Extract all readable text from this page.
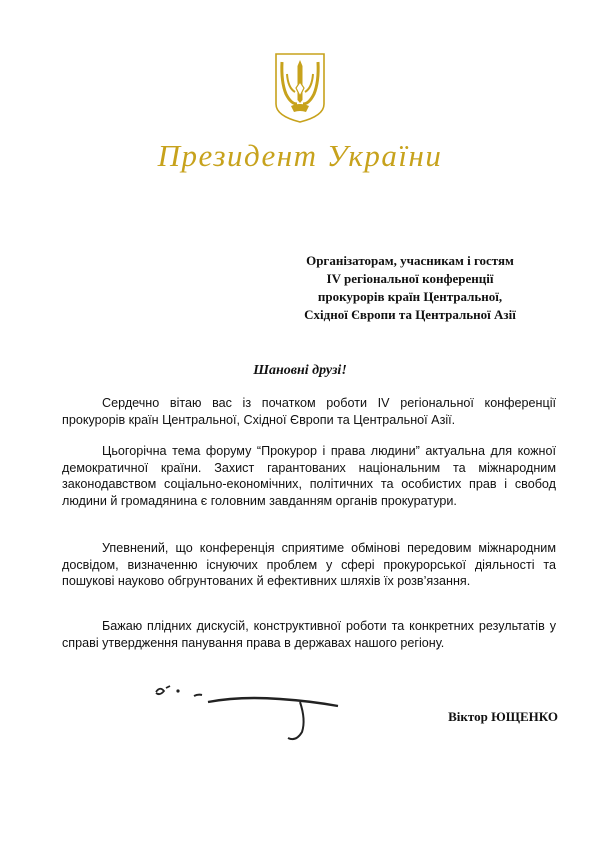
Президент України
Організаторам, учасникам і гостям
IV регіональної конференції
прокурорів країн Центральної,
Східної Європи та Центральної Азії
Шановні друзі!

Сердечно вітаю вас із початком роботи IV регіональної конференції прокурорів країн Центральної, Східної Європи та Центральної Азії.

Цьогорічна тема форуму “Прокурор і права людини” актуальна для кожної демократичної країни. Захист гарантованих національним та міжнародним законодавством соціально-економічних, політичних та особистих прав і свобод людини й громадянина є головним завданням органів прокуратури.

Упевнений, що конференція сприятиме обмінові передовим міжнародним досвідом, визначенню існуючих проблем у сфері прокурорської діяльності та пошукові науково обгрунтованих й ефективних шляхів їх розв’язання.

Бажаю плідних дискусій, конструктивної роботи та конкретних результатів у справі утвердження панування права в державах нашого регіону.

Віктор ЮЩЕНКО
